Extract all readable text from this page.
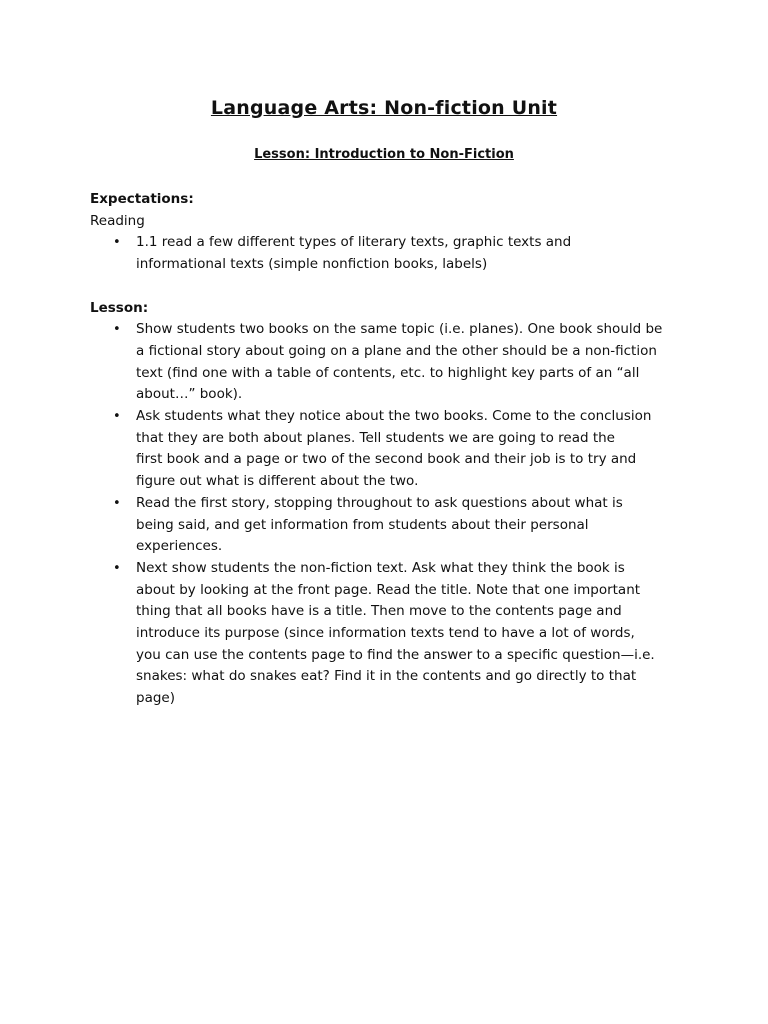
Language Arts: Non-fiction Unit
Lesson: Introduction to Non-Fiction

Expectations:

Reading

• 1.1 read a few different types of literary texts, graphic texts and
informational texts (simple nonfiction books, labels)

Lesson:

• Show students two books on the same topic (i.e. planes). One book should be
a fictional story about going on a plane and the other should be a non-fiction
text (find one with a table of contents, etc. to highlight key parts of an “all
about…” book).
• Ask students what they notice about the two books. Come to the conclusion
that they are both about planes. Tell students we are going to read the
first book and a page or two of the second book and their job is to try and
figure out what is different about the two.
• Read the first story, stopping throughout to ask questions about what is
being said, and get information from students about their personal
experiences.
• Next show students the non-fiction text. Ask what they think the book is
about by looking at the front page. Read the title. Note that one important
thing that all books have is a title. Then move to the contents page and
introduce its purpose (since information texts tend to have a lot of words,
you can use the contents page to find the answer to a specific question—i.e.
snakes: what do snakes eat? Find it in the contents and go directly to that
page)
